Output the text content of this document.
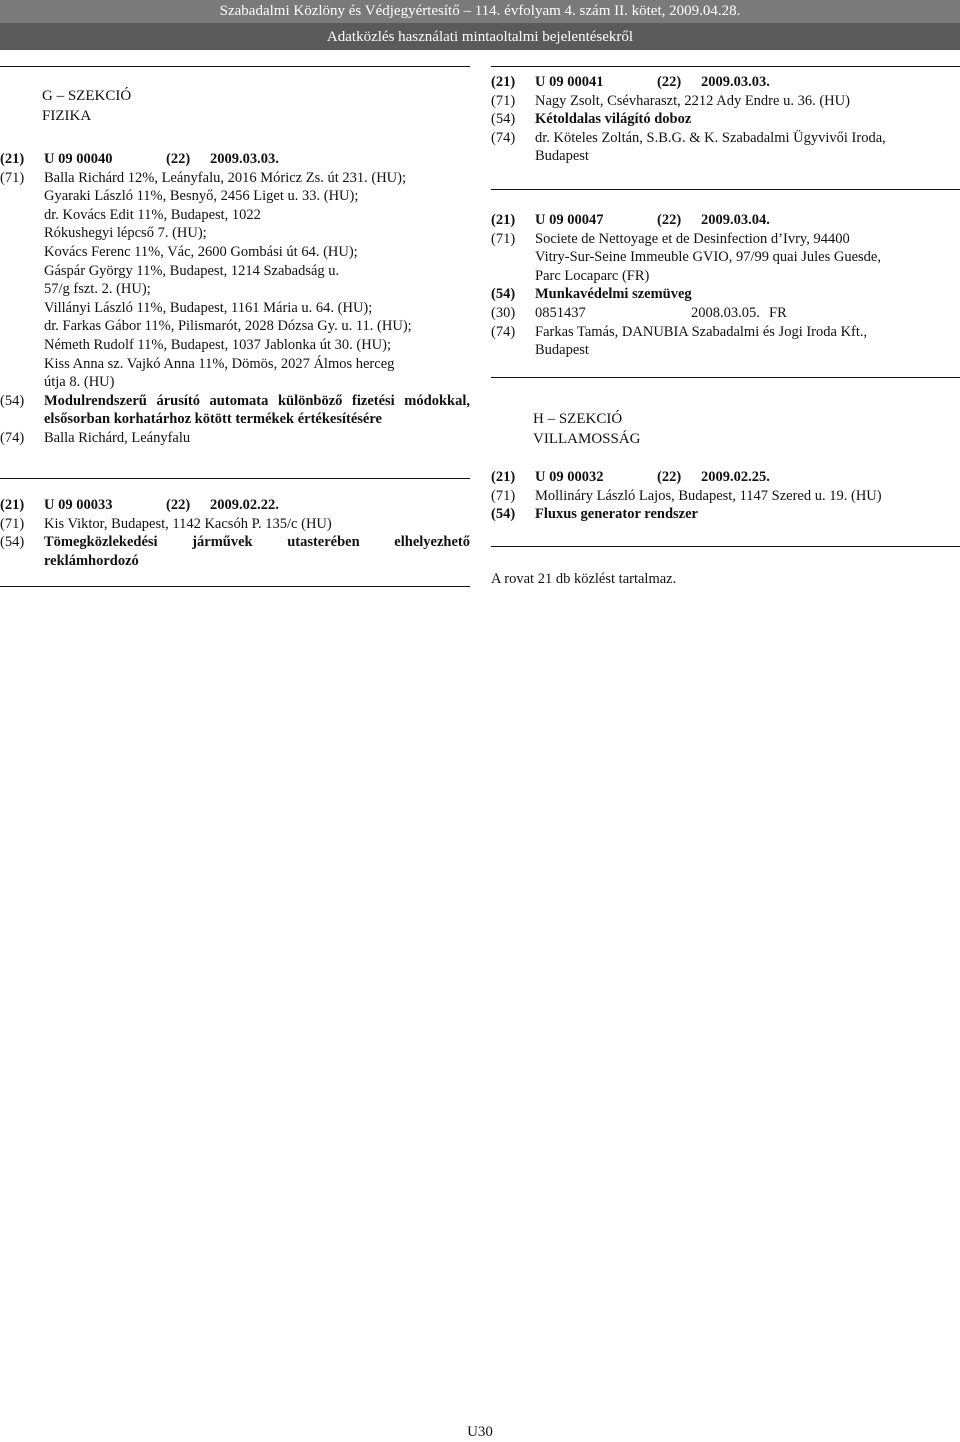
Szabadalmi Közlöny és Védjegyértesítő – 114. évfolyam 4. szám II. kötet, 2009.04.28.
Adatközlés használati mintaoltalmi bejelentésekről
G – SZEKCIÓ
FIZIKA
(21)	U 09 00040	(22)	2009.03.03.
(71)	Balla Richárd 12%, Leányfalu, 2016 Móricz Zs. út 231. (HU);
Gyaraki László 11%, Besnyő, 2456 Liget u. 33. (HU);
dr. Kovács Edit 11%, Budapest, 1022
Rókushegyi lépcső 7. (HU);
Kovács Ferenc 11%, Vác, 2600 Gombási út 64. (HU);
Gáspár György 11%, Budapest, 1214 Szabadság u.
57/g fszt. 2. (HU);
Villányi László 11%, Budapest, 1161 Mária u. 64. (HU);
dr. Farkas Gábor 11%, Pilismarót, 2028 Dózsa Gy. u. 11. (HU);
Németh Rudolf 11%, Budapest, 1037 Jablonka út 30. (HU);
Kiss Anna sz. Vajkó Anna 11%, Dömös, 2027 Álmos herceg
útja 8. (HU)
(54)	Modulrendszerű árusító automata különböző fizetési módokkal, elsősorban korhatárhoz kötött termékek értékesítésére
(74)	Balla Richárd, Leányfalu
(21)	U 09 00033	(22)	2009.02.22.
(71)	Kis Viktor, Budapest, 1142 Kacsóh P. 135/c (HU)
(54)	Tömegközlekedési járművek utasterében elhelyezhető reklámhordozó
(21)	U 09 00041	(22)	2009.03.03.
(71)	Nagy Zsolt, Csévharaszt, 2212 Ady Endre u. 36. (HU)
(54)	Kétoldalas világító doboz
(74)	dr. Köteles Zoltán, S.B.G. & K. Szabadalmi Ügyvivői Iroda,
Budapest
(21)	U 09 00047	(22)	2009.03.04.
(71)	Societe de Nettoyage et de Desinfection d’Ivry, 94400
Vitry-Sur-Seine Immeuble GVIO, 97/99 quai Jules Guesde,
Parc Locaparc (FR)
(54)	Munkavédelmi szemüveg
(30)	0851437	2008.03.05. FR
(74)	Farkas Tamás, DANUBIA Szabadalmi és Jogi Iroda Kft.,
Budapest
H – SZEKCIÓ
VILLAMOSSÁG
(21)	U 09 00032	(22)	2009.02.25.
(71)	Mollináry László Lajos, Budapest, 1147 Szered u. 19. (HU)
(54)	Fluxus generator rendszer
A rovat 21 db közlést tartalmaz.
U30
